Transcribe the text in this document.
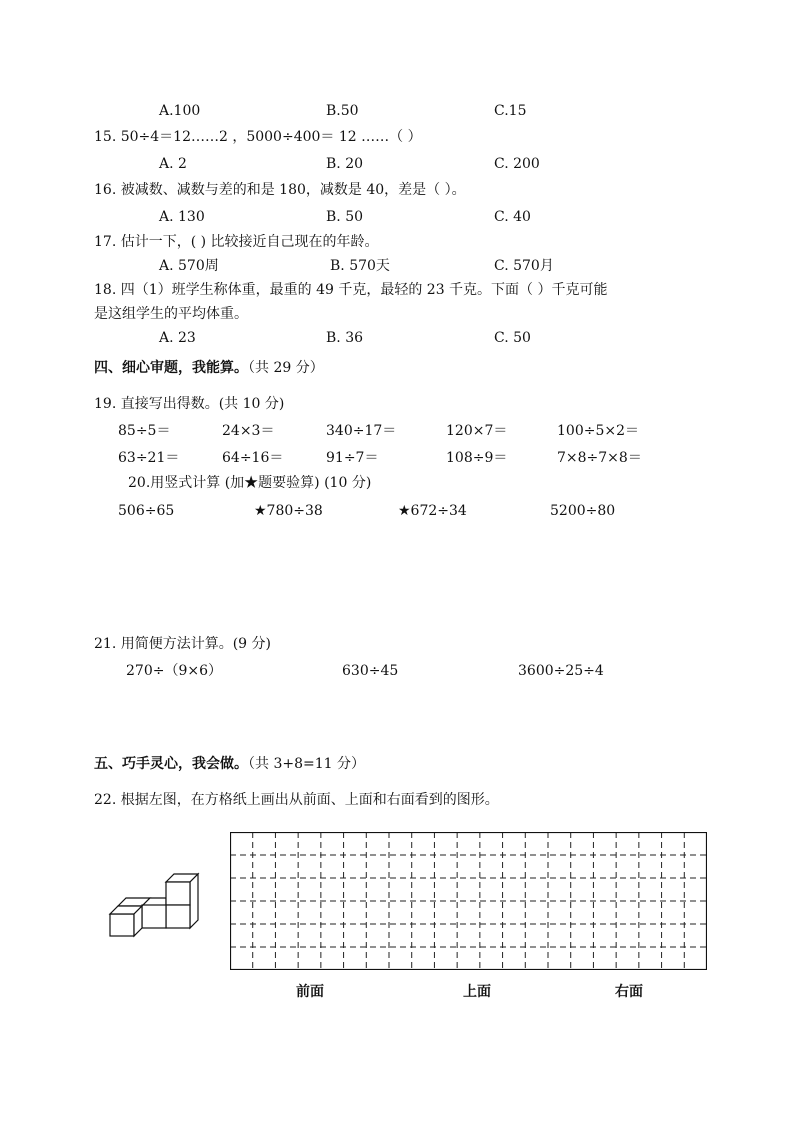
A.100	B.50	C.15
15. 50÷4＝12……2 ，5000÷400＝ 12 ……（ ）
A. 2	B. 20	C. 200
16. 被减数、减数与差的和是 180，减数是 40，差是（ ）。
A. 130	B. 50	C. 40
17. 估计一下，( ) 比较接近自己现在的年龄。
A. 570周	B. 570天	C. 570月
18. 四（1）班学生称体重，最重的 49 千克，最轻的 23 千克。下面（ ）千克可能
是这组学生的平均体重。
A. 23	B. 36	C. 50
四、细心审题，我能算。（共 29 分）
19. 直接写出得数。(共 10 分)
85÷5＝	24×3＝	340÷17＝	120×7＝	100÷5×2＝
63÷21＝	64÷16＝	91÷7＝	108÷9＝	7×8÷7×8＝
20.用竖式计算 (加★题要验算) (10 分)
506÷65	★780÷38	★672÷34	5200÷80
21. 用简便方法计算。(9 分)
270÷（9×6）	630÷45	3600÷25÷4
五、巧手灵心，我会做。（共 3+8=11 分）
22. 根据左图，在方格纸上画出从前面、上面和右面看到的图形。
前面	上面	右面
